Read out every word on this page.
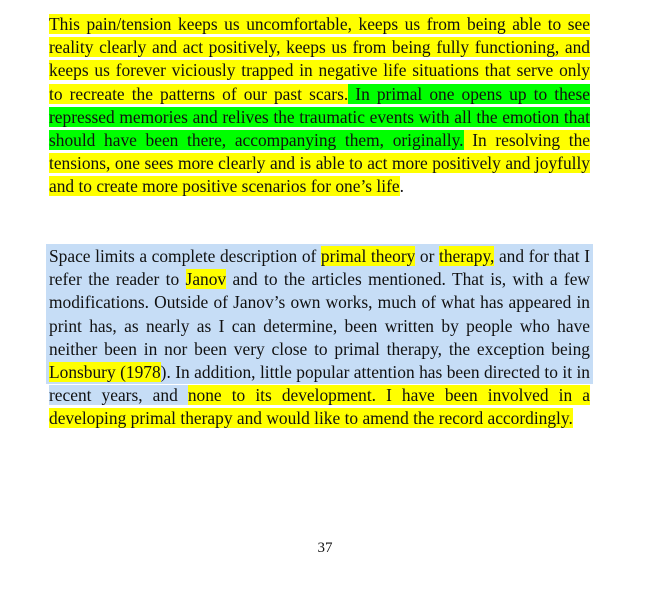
This pain/tension keeps us uncomfortable, keeps us from being able to see reality clearly and act positively, keeps us from being fully functioning, and keeps us forever viciously trapped in negative life situations that serve only to recreate the patterns of our past scars. In primal one opens up to these repressed memories and relives the traumatic events with all the emotion that should have been there, accompanying them, originally. In resolving the tensions, one sees more clearly and is able to act more positively and joyfully and to create more positive scenarios for one’s life.
Space limits a complete description of primal theory or therapy, and for that I refer the reader to Janov and to the articles mentioned. That is, with a few modifications. Outside of Janov’s own works, much of what has appeared in print has, as nearly as I can determine, been written by people who have neither been in nor been very close to primal therapy, the exception being Lonsbury (1978). In addition, little popular attention has been directed to it in recent years, and none to its development. I have been involved in a developing primal therapy and would like to amend the record accordingly.
37
